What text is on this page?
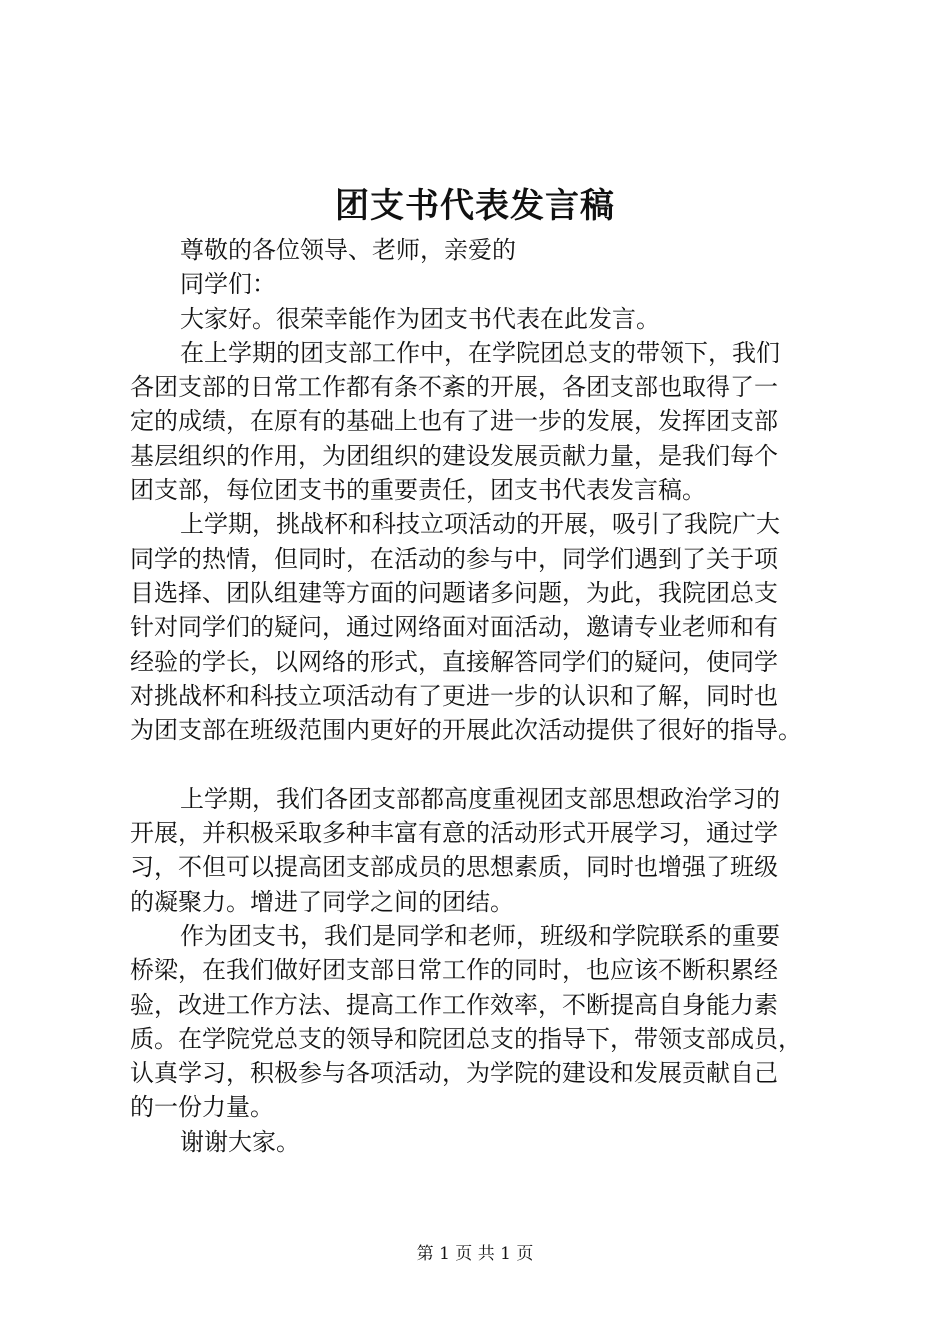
团支书代表发言稿
尊敬的各位领导、老师，亲爱的
同学们：
大家好。很荣幸能作为团支书代表在此发言。
在上学期的团支部工作中，在学院团总支的带领下，我们
各团支部的日常工作都有条不紊的开展，各团支部也取得了一
定的成绩，在原有的基础上也有了进一步的发展，发挥团支部
基层组织的作用，为团组织的建设发展贡献力量，是我们每个
团支部，每位团支书的重要责任，团支书代表发言稿。
上学期，挑战杯和科技立项活动的开展，吸引了我院广大
同学的热情，但同时，在活动的参与中，同学们遇到了关于项
目选择、团队组建等方面的问题诸多问题，为此，我院团总支
针对同学们的疑问，通过网络面对面活动，邀请专业老师和有
经验的学长，以网络的形式，直接解答同学们的疑问，使同学
对挑战杯和科技立项活动有了更进一步的认识和了解，同时也
为团支部在班级范围内更好的开展此次活动提供了很好的指导。
上学期，我们各团支部都高度重视团支部思想政治学习的
开展，并积极采取多种丰富有意的活动形式开展学习，通过学
习，不但可以提高团支部成员的思想素质，同时也增强了班级
的凝聚力。增进了同学之间的团结。
作为团支书，我们是同学和老师，班级和学院联系的重要
桥梁，在我们做好团支部日常工作的同时，也应该不断积累经
验，改进工作方法、提高工作工作效率，不断提高自身能力素
质。在学院党总支的领导和院团总支的指导下，带领支部成员，
认真学习，积极参与各项活动，为学院的建设和发展贡献自己
的一份力量。
谢谢大家。
第 1 页 共 1 页
